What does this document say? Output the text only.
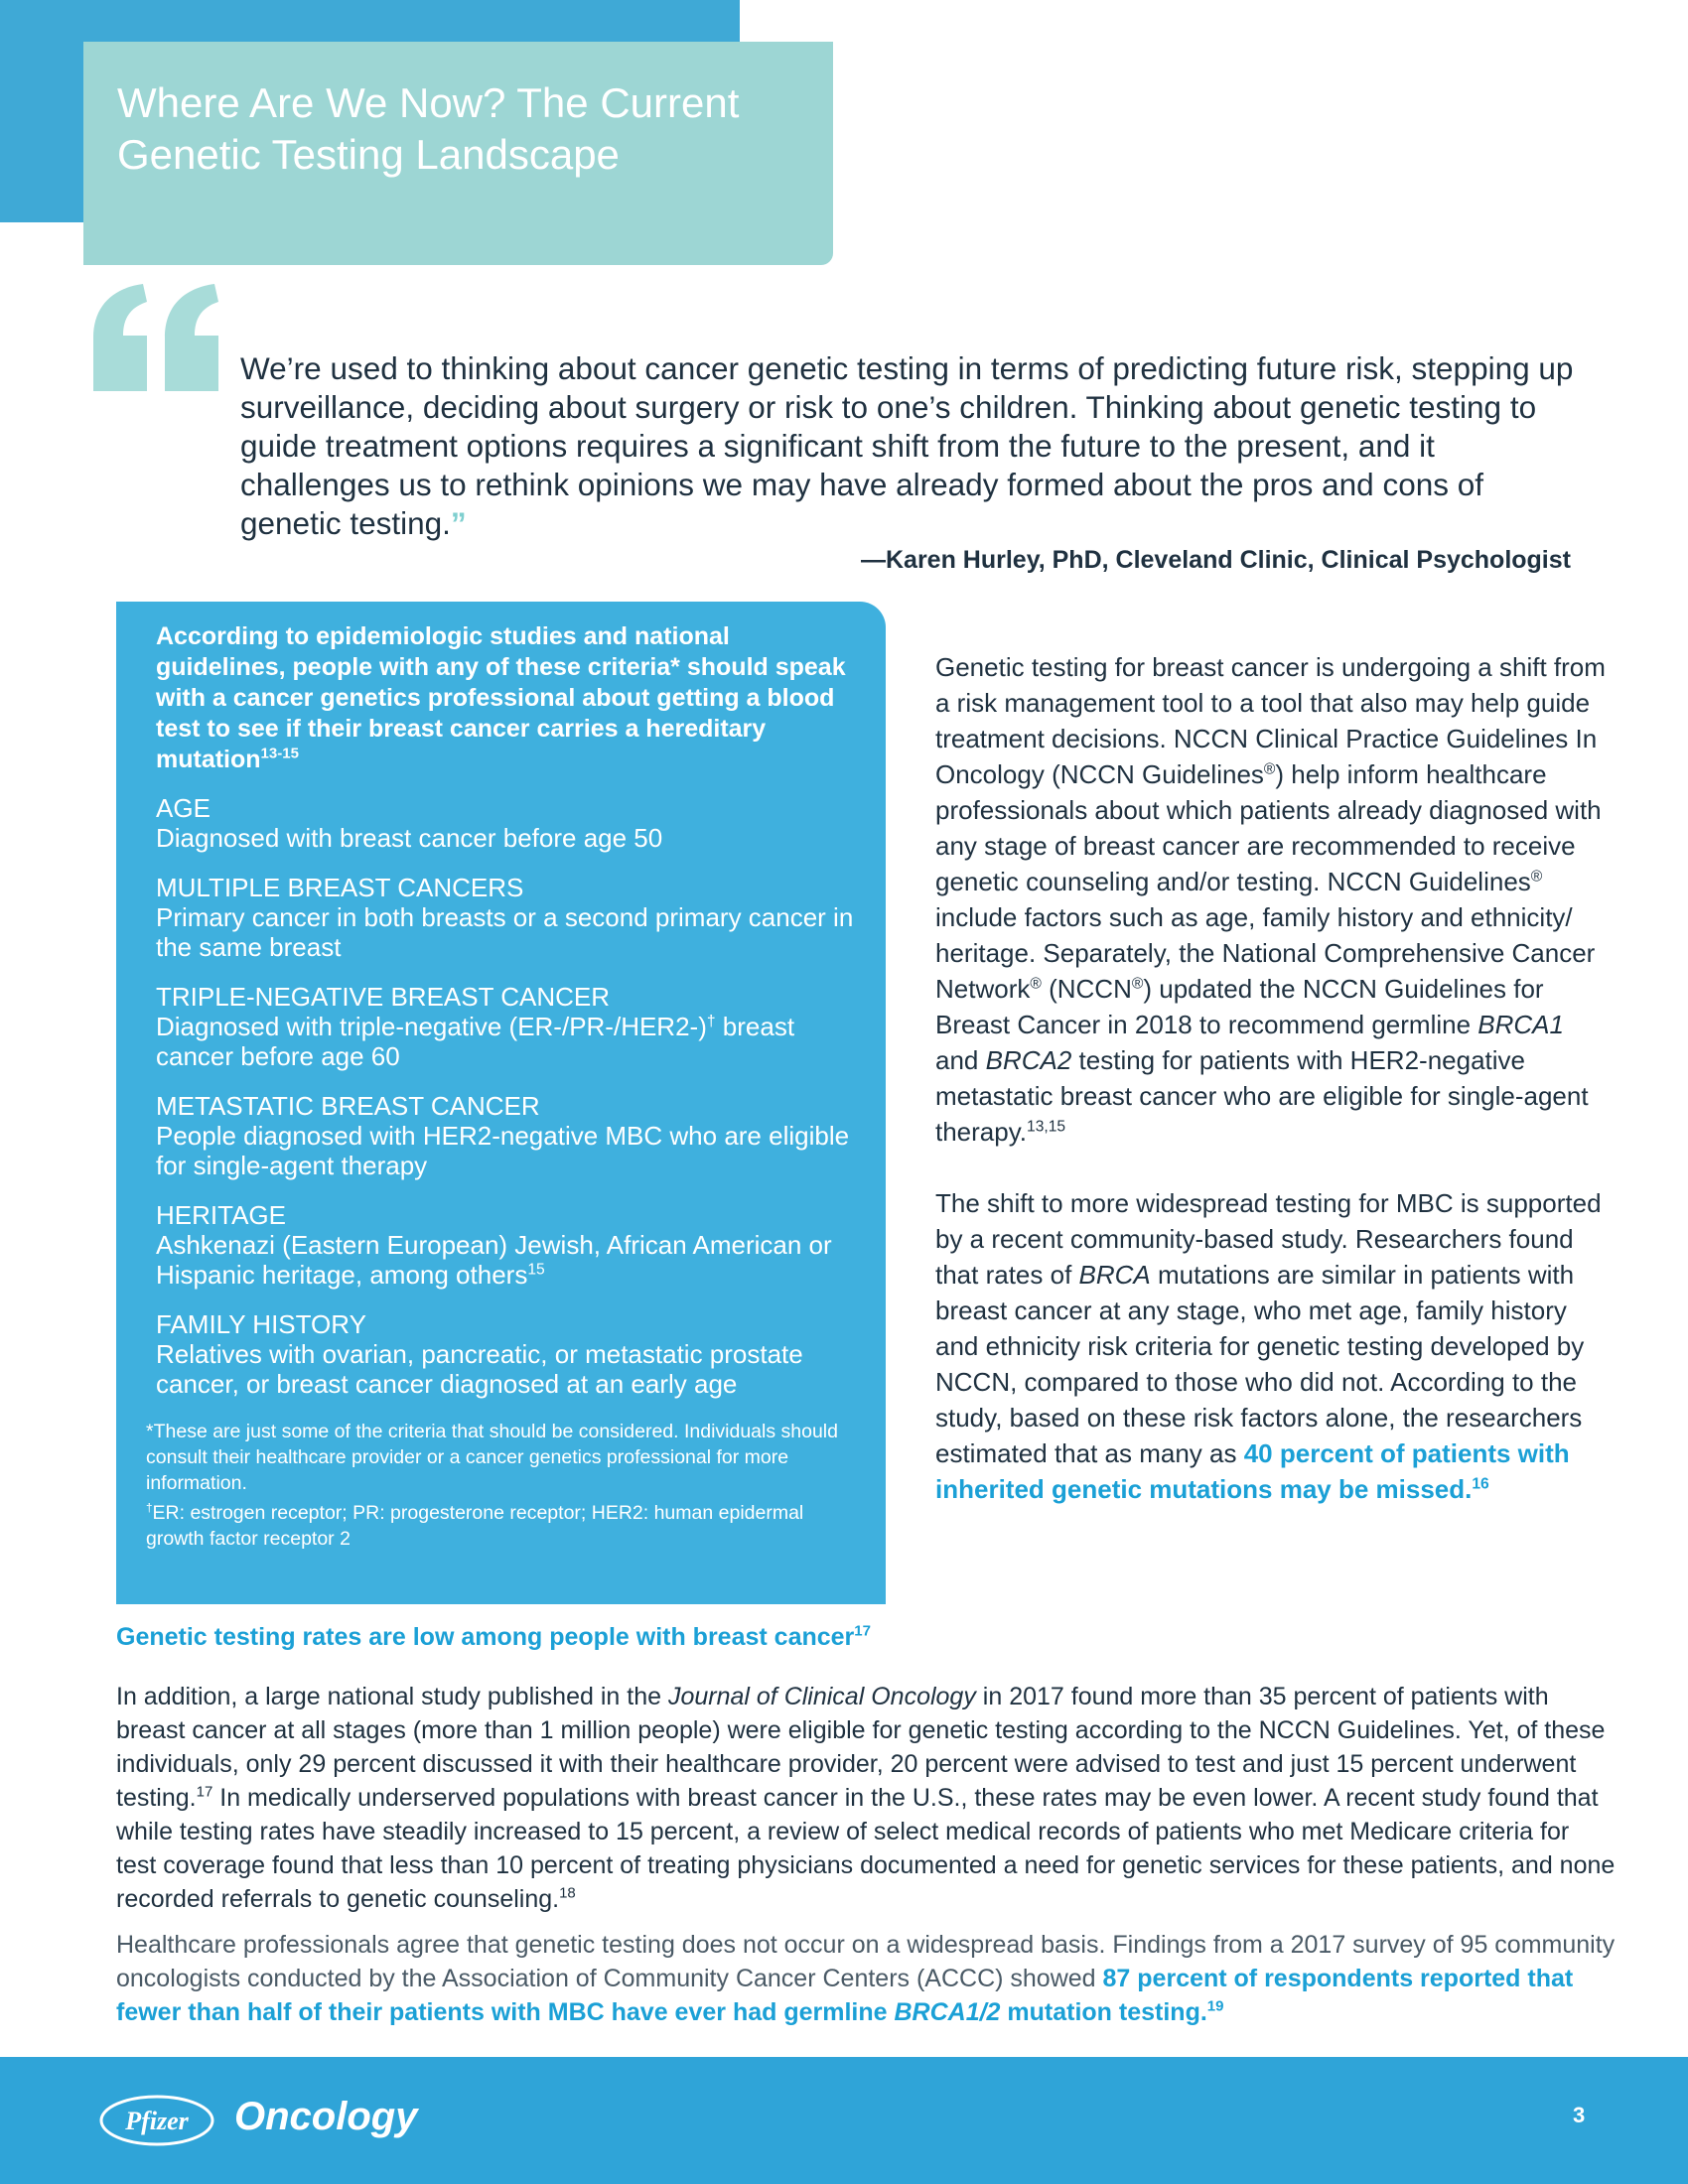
Where Are We Now? The Current Genetic Testing Landscape

We’re used to thinking about cancer genetic testing in terms of predicting future risk, stepping up surveillance, deciding about surgery or risk to one’s children. Thinking about genetic testing to guide treatment options requires a significant shift from the future to the present, and it challenges us to rethink opinions we may have already formed about the pros and cons of genetic testing.”

—Karen Hurley, PhD, Cleveland Clinic, Clinical Psychologist

According to epidemiologic studies and national guidelines, people with any of these criteria* should speak with a cancer genetics professional about getting a blood test to see if their breast cancer carries a hereditary mutation$^{13-15}$

AGE
Diagnosed with breast cancer before age 50
MULTIPLE BREAST CANCERS
Primary cancer in both breasts or a second primary cancer in the same breast
TRIPLE-NEGATIVE BREAST CANCER
Diagnosed with triple-negative (ER-/PR-/HER2-)† breast cancer before age 60
METASTATIC BREAST CANCER
People diagnosed with HER2-negative MBC who are eligible for single-agent therapy
HERITAGE
Ashkenazi (Eastern European) Jewish, African American or Hispanic heritage, among others$^{15}$
FAMILY HISTORY
Relatives with ovarian, pancreatic, or metastatic prostate cancer, or breast cancer diagnosed at an early age
*These are just some of the criteria that should be considered. Individuals should consult their healthcare provider or a cancer genetics professional for more information.
†ER: estrogen receptor; PR: progesterone receptor; HER2: human epidermal growth factor receptor 2

Genetic testing for breast cancer is undergoing a shift from a risk management tool to a tool that also may help guide treatment decisions. NCCN Clinical Practice Guidelines In Oncology (NCCN Guidelines®) help inform healthcare professionals about which patients already diagnosed with any stage of breast cancer are recommended to receive genetic counseling and/or testing. NCCN Guidelines® include factors such as age, family history and ethnicity/ heritage. Separately, the National Comprehensive Cancer Network® (NCCN®) updated the NCCN Guidelines for Breast Cancer in 2018 to recommend germline BRCA1 and BRCA2 testing for patients with HER2-negative metastatic breast cancer who are eligible for single-agent therapy.$^{13,15}$

The shift to more widespread testing for MBC is supported by a recent community-based study. Researchers found that rates of BRCA mutations are similar in patients with breast cancer at any stage, who met age, family history and ethnicity risk criteria for genetic testing developed by NCCN, compared to those who did not. According to the study, based on these risk factors alone, the researchers estimated that as many as 40 percent of patients with inherited genetic mutations may be missed.$^{16}$

Genetic testing rates are low among people with breast cancer$^{17}$

In addition, a large national study published in the Journal of Clinical Oncology in 2017 found more than 35 percent of patients with breast cancer at all stages (more than 1 million people) were eligible for genetic testing according to the NCCN Guidelines. Yet, of these individuals, only 29 percent discussed it with their healthcare provider, 20 percent were advised to test and just 15 percent underwent testing.$^{17}$ In medically underserved populations with breast cancer in the U.S., these rates may be even lower. A recent study found that while testing rates have steadily increased to 15 percent, a review of select medical records of patients who met Medicare criteria for test coverage found that less than 10 percent of treating physicians documented a need for genetic services for these patients, and none recorded referrals to genetic counseling.$^{18}$

Healthcare professionals agree that genetic testing does not occur on a widespread basis. Findings from a 2017 survey of 95 community oncologists conducted by the Association of Community Cancer Centers (ACCC) showed 87 percent of respondents reported that fewer than half of their patients with MBC have ever had germline BRCA1/2 mutation testing.$^{19}$

Pfizer Oncology	3
